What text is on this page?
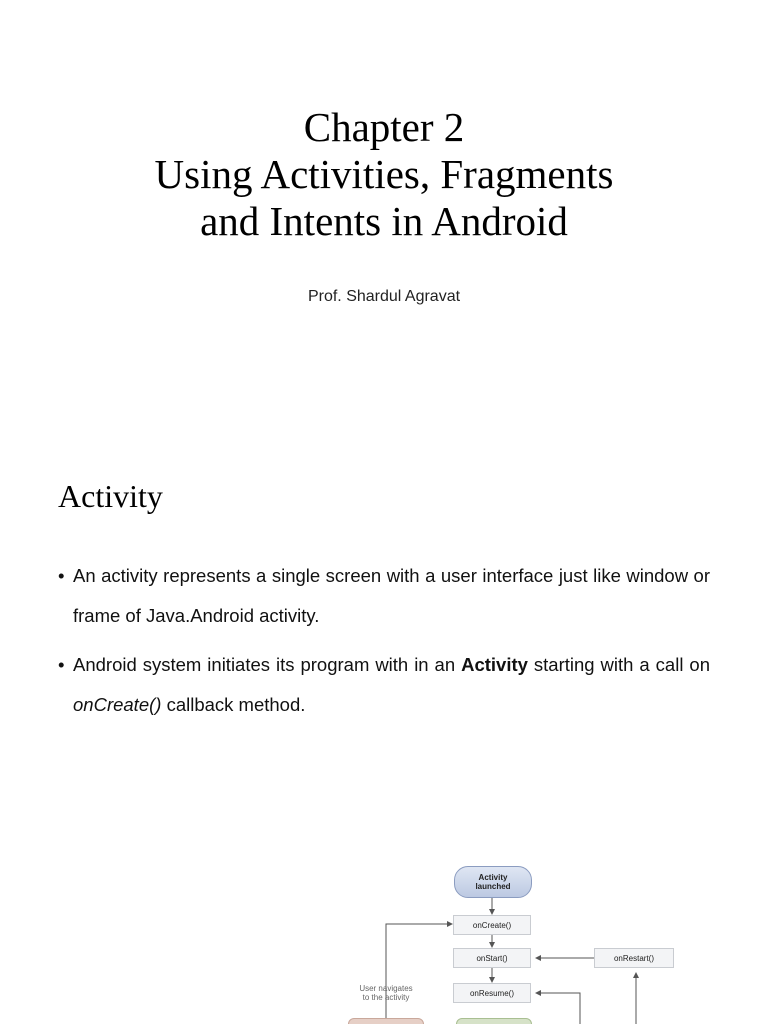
Chapter 2
Using Activities, Fragments
and Intents in Android
Prof. Shardul Agravat
Activity
• An activity represents a single screen with a user interface just like window or frame of Java.Android activity.
• Android system initiates its program with in an Activity starting with a call on onCreate() callback method.
Activity
launched
onCreate()
onStart()
onResume()
onRestart()
User navigates
to the activity
